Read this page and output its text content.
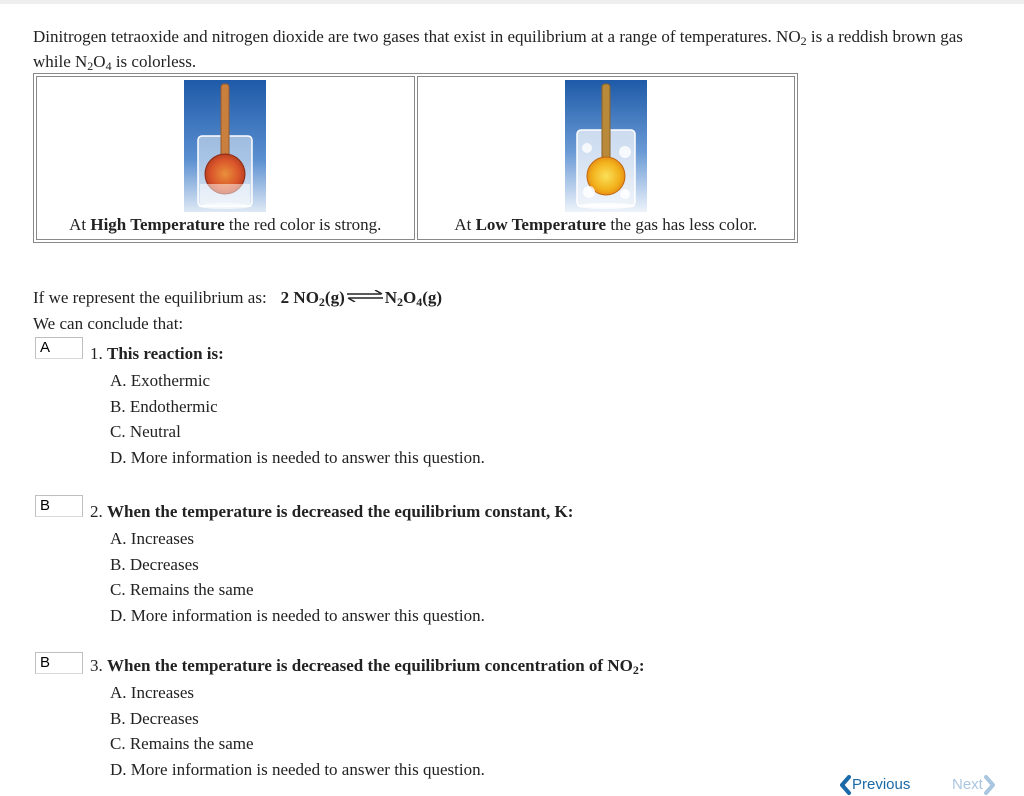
Dinitrogen tetraoxide and nitrogen dioxide are two gases that exist in equilibrium at a range of temperatures. $NO_2$ is a reddish brown gas while $N_2O_4$ is colorless.
At High Temperature the red color is strong.	At Low Temperature the gas has less color.
If we represent the equilibrium as: 2 $NO_2(g)\rightleftharpoons N_2O_4(g)$
We can conclude that:
A	1. This reaction is:
A. Exothermic
B. Endothermic
C. Neutral
D. More information is needed to answer this question.
B	2. When the temperature is decreased the equilibrium constant, K:
A. Increases
B. Decreases
C. Remains the same
D. More information is needed to answer this question.
B	3. When the temperature is decreased the equilibrium concentration of $NO_2$:
A. Increases
B. Decreases
C. Remains the same
D. More information is needed to answer this question.
Previous	Next
